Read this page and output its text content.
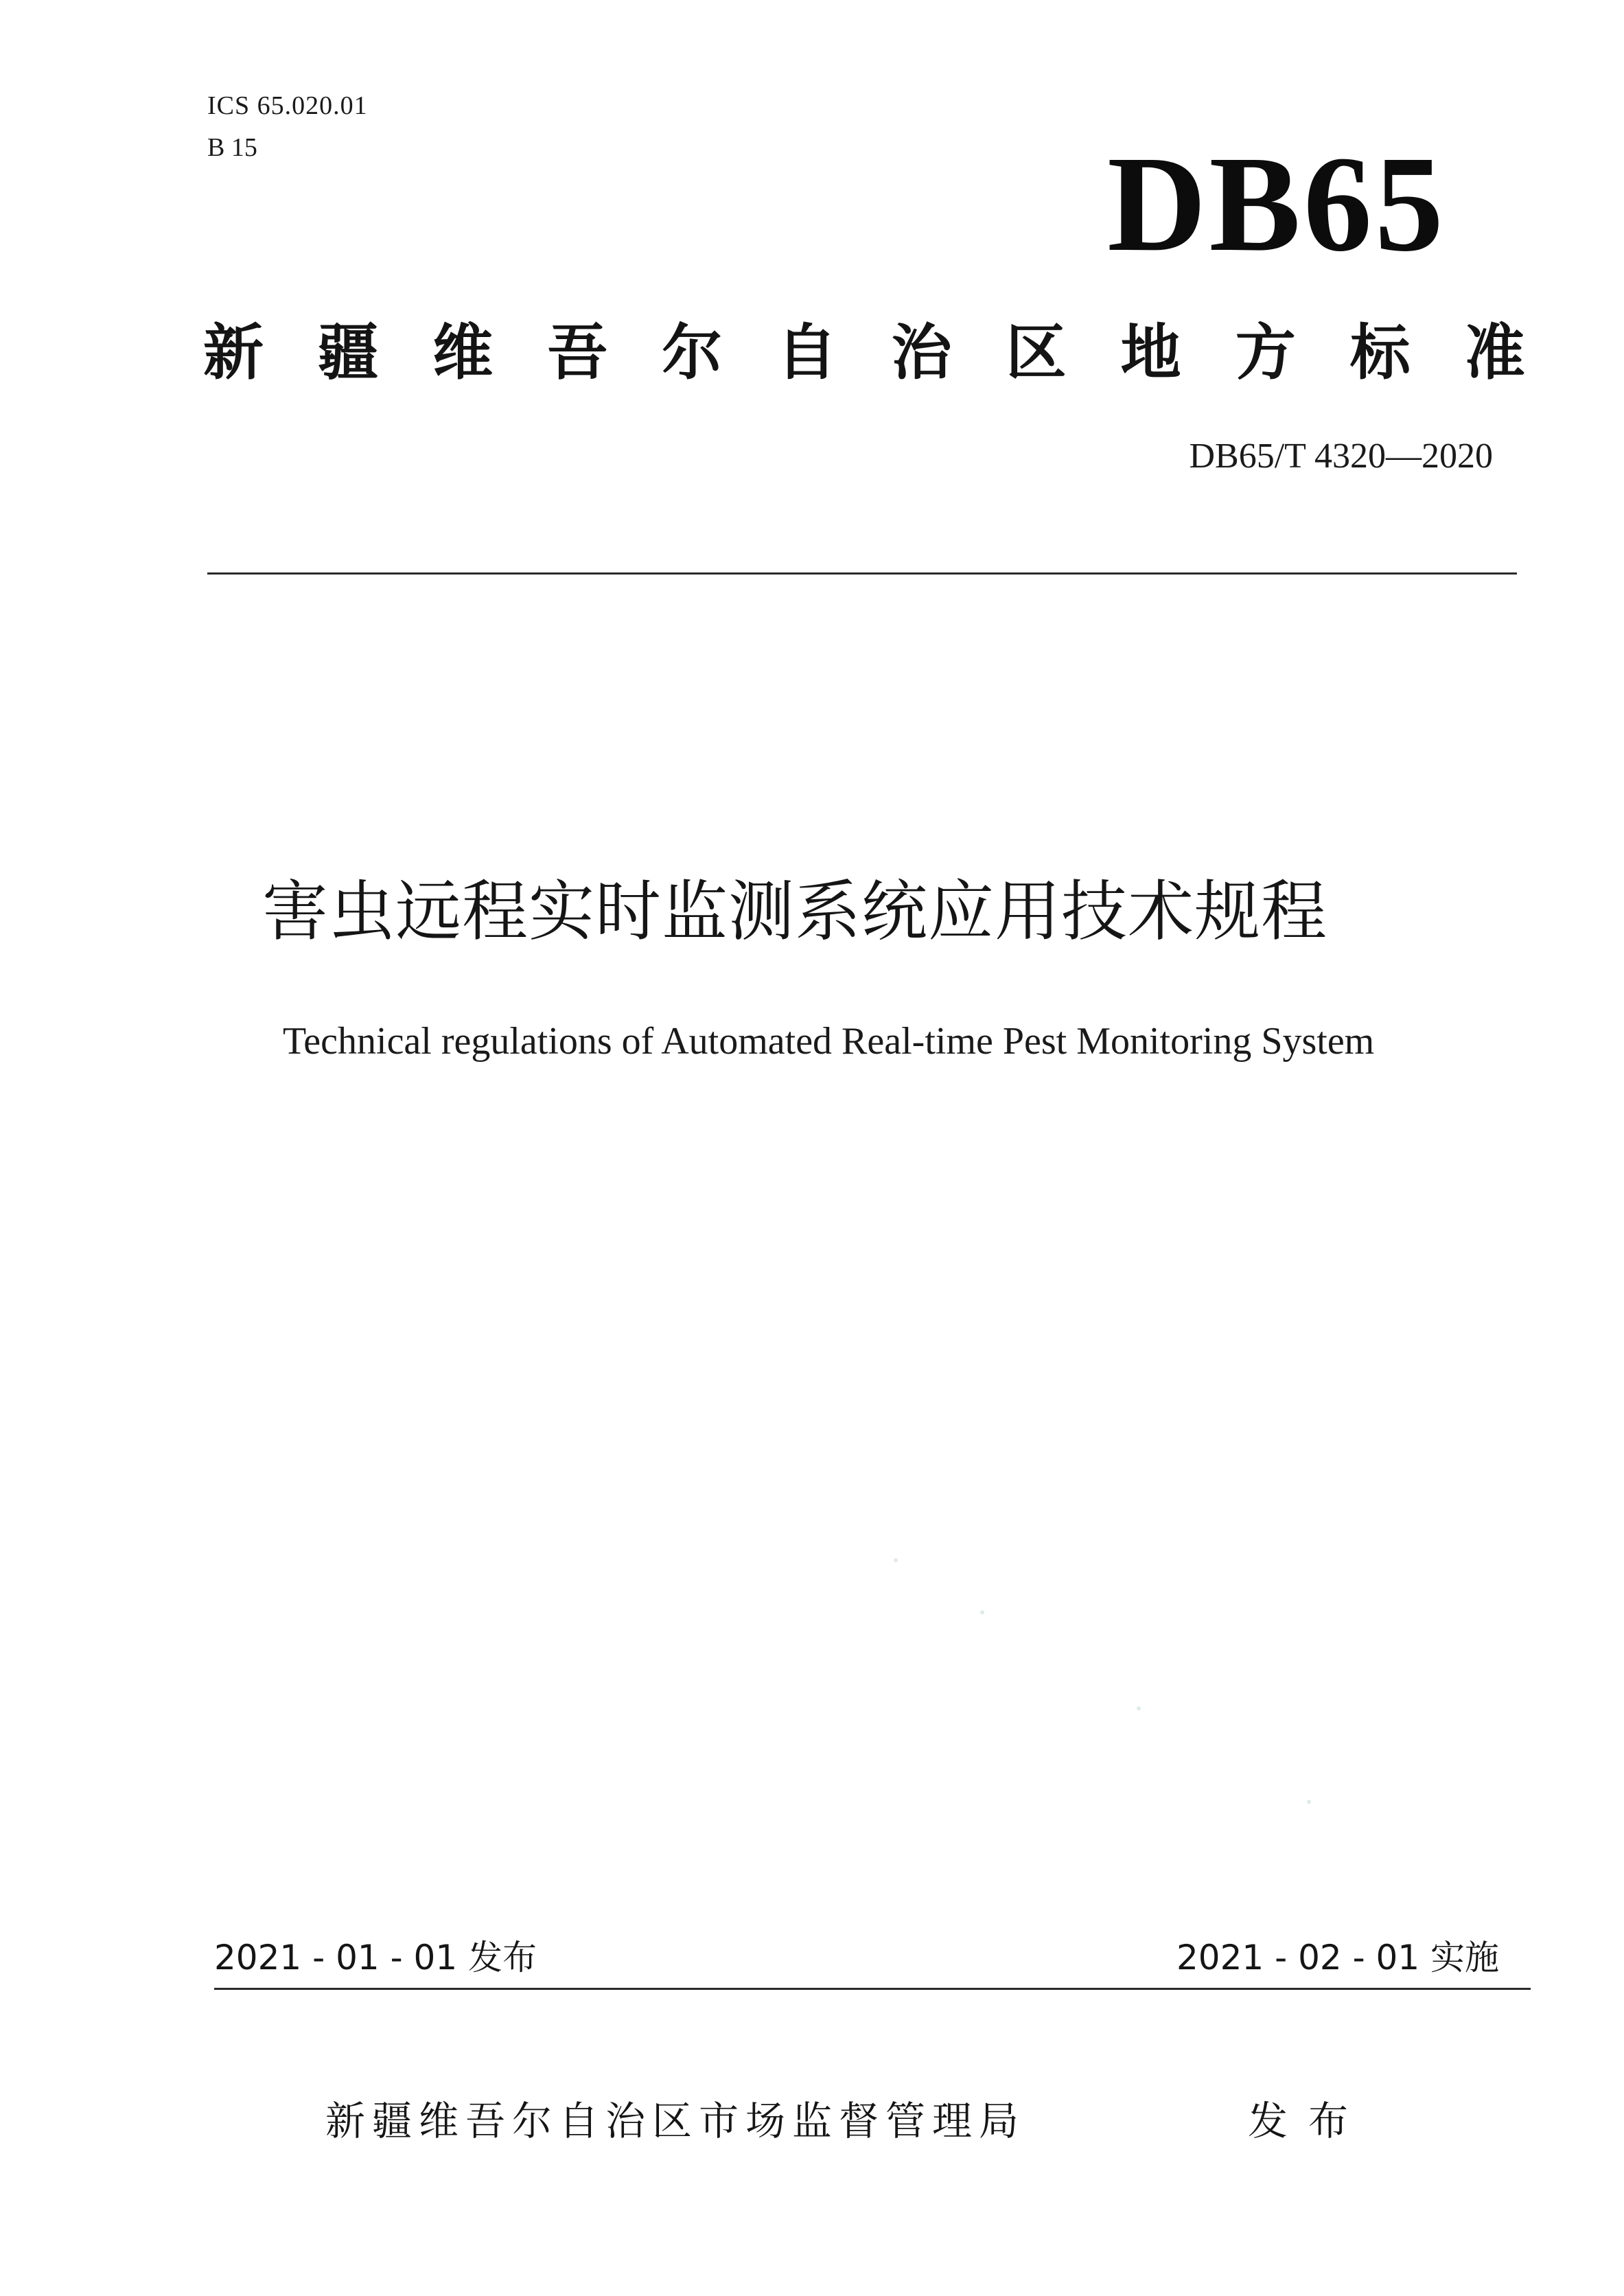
ICS 65.020.01
B 15	DB65
新 疆 维 吾 尔 自 治 区 地 方 标 准
DB65/T 4320—2020
害虫远程实时监测系统应用技术规程
Technical regulations of Automated Real-time Pest Monitoring System
2021 - 01 - 01 发布	2021 - 02 - 01 实施
新疆维吾尔自治区市场监督管理局	发布
